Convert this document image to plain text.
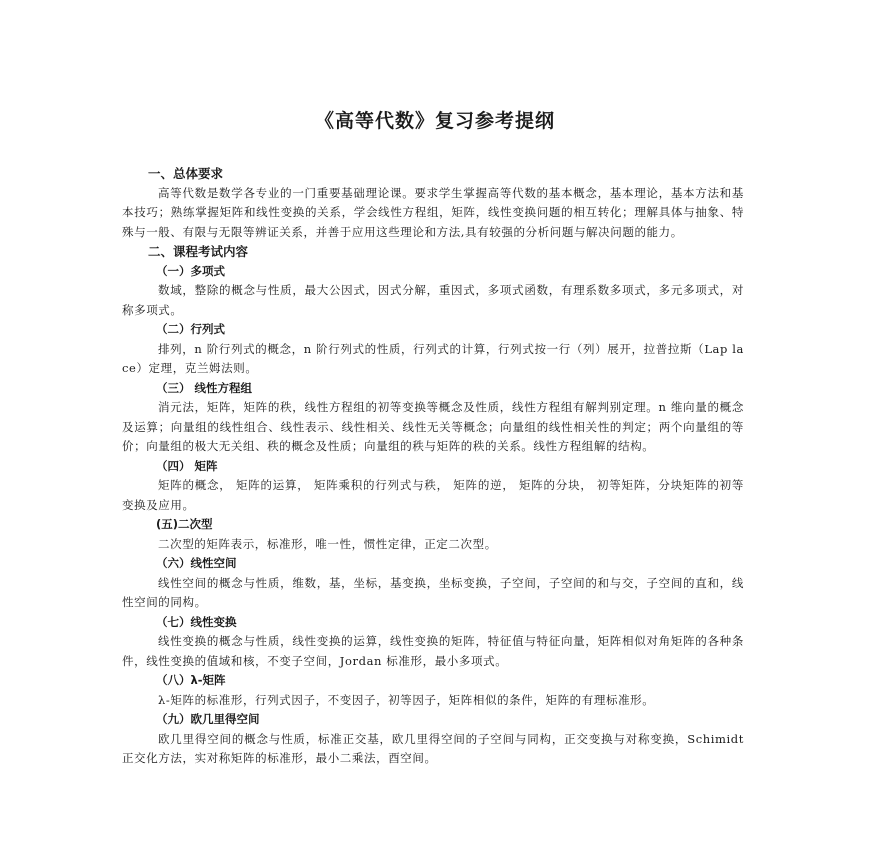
《高等代数》复习参考提纲
一、总体要求
高等代数是数学各专业的一门重要基础理论课。要求学生掌握高等代数的基本概念，基本理论，基本方法和基本技巧；熟练掌握矩阵和线性变换的关系，学会线性方程组，矩阵，线性变换问题的相互转化；理解具体与抽象、特殊与一般、有限与无限等辨证关系，并善于应用这些理论和方法,具有较强的分析问题与解决问题的能力。
二、课程考试内容
（一）多项式
数域，整除的概念与性质，最大公因式，因式分解，重因式，多项式函数，有理系数多项式，多元多项式，对称多项式。
（二）行列式
排列，n 阶行列式的概念，n 阶行列式的性质，行列式的计算，行列式按一行（列）展开，拉普拉斯（Lap lace）定理，克兰姆法则。
（三） 线性方程组
消元法，矩阵，矩阵的秩，线性方程组的初等变换等概念及性质，线性方程组有解判别定理。n 维向量的概念及运算；向量组的线性组合、线性表示、线性相关、线性无关等概念；向量组的线性相关性的判定；两个向量组的等价；向量组的极大无关组、秩的概念及性质；向量组的秩与矩阵的秩的关系。线性方程组解的结构。
（四） 矩阵
矩阵的概念， 矩阵的运算， 矩阵乘积的行列式与秩， 矩阵的逆， 矩阵的分块， 初等矩阵，分块矩阵的初等变换及应用。
(五)二次型
二次型的矩阵表示，标准形，唯一性，惯性定律，正定二次型。
（六）线性空间
线性空间的概念与性质，维数，基，坐标，基变换，坐标变换，子空间，子空间的和与交，子空间的直和，线性空间的同构。
（七）线性变换
线性变换的概念与性质，线性变换的运算，线性变换的矩阵，特征值与特征向量，矩阵相似对角矩阵的各种条件，线性变换的值域和核，不变子空间，Jordan 标准形，最小多项式。
（八）λ-矩阵
λ-矩阵的标准形，行列式因子，不变因子，初等因子，矩阵相似的条件，矩阵的有理标准形。
（九）欧几里得空间
欧几里得空间的概念与性质，标准正交基，欧几里得空间的子空间与同构，正交变换与对称变换，Schimidt 正交化方法，实对称矩阵的标准形，最小二乘法，酉空间。
